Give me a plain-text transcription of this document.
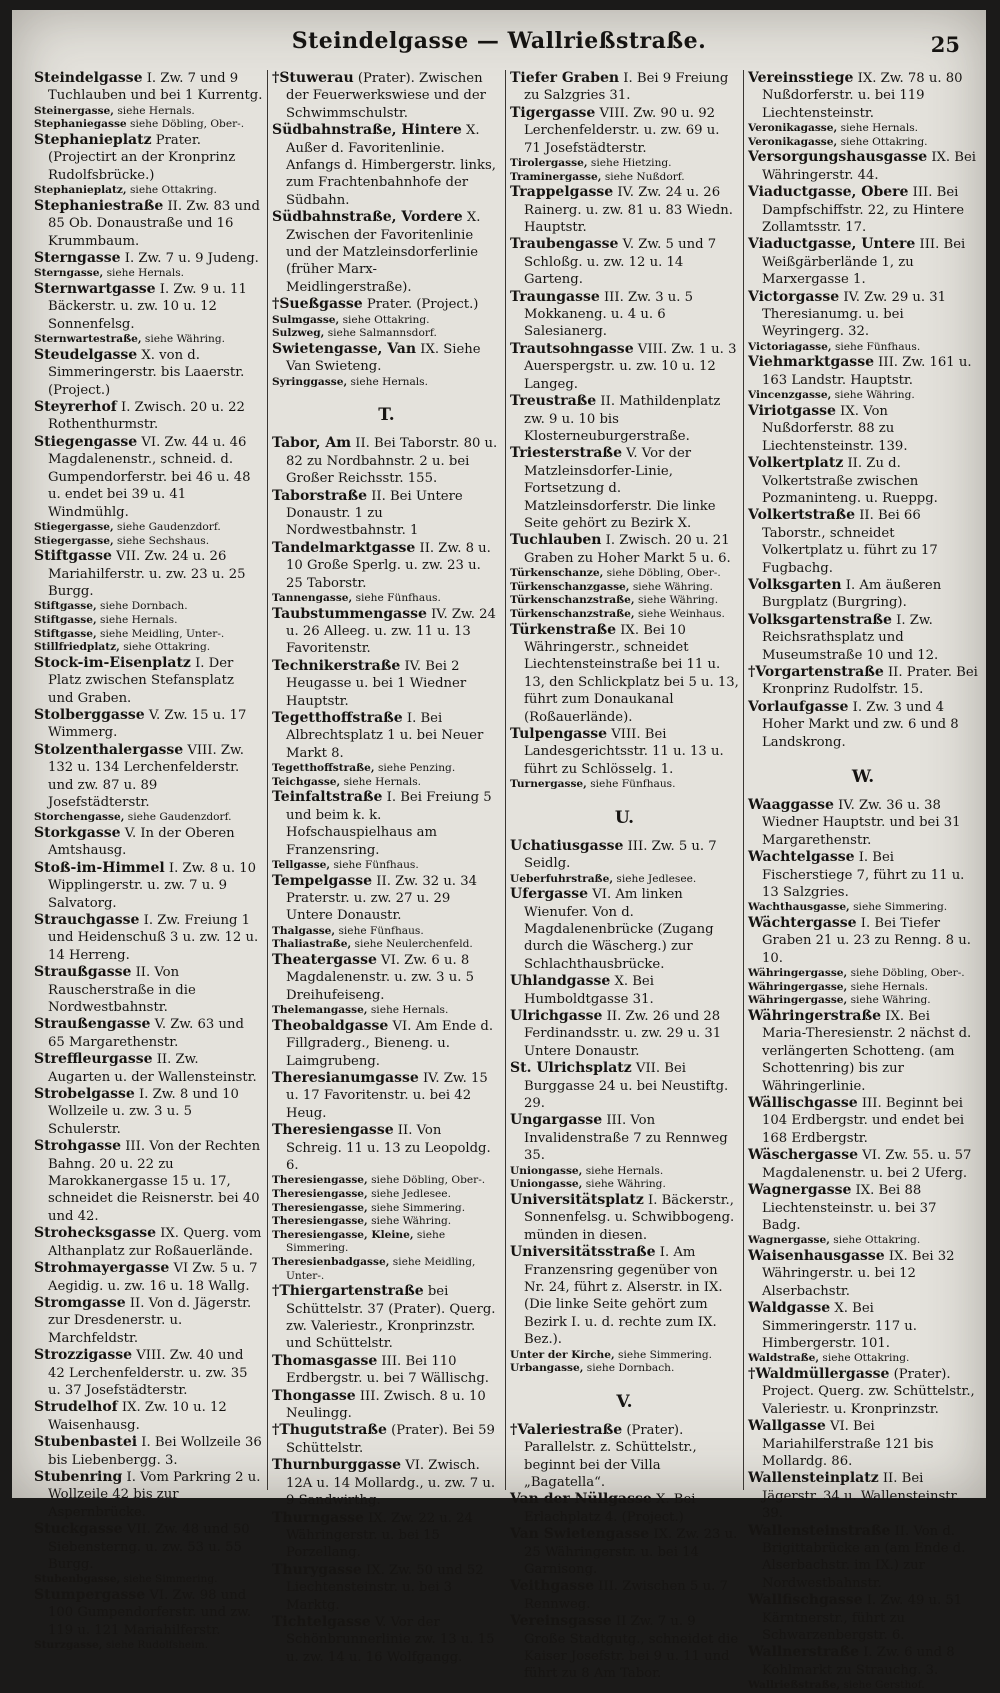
Steindelgasse — Wallrießstraße.	25

Steindelgasse I. Zw. 7 und 9 Tuchlauben und bei 1 Kurrentg.

Steinergasse, siehe Hernals.

Stephaniegasse siehe Döbling, Ober-.

Stephanieplatz Prater. (Projectirt an der Kronprinz Rudolfsbrücke.)

Stephanieplatz, siehe Ottakring.

Stephaniestraße II. Zw. 83 und 85 Ob. Donaustraße und 16 Krummbaum.

Sterngasse I. Zw. 7 u. 9 Judeng.

Sterngasse, siehe Hernals.

Sternwartgasse I. Zw. 9 u. 11 Bäckerstr. u. zw. 10 u. 12 Sonnenfelsg.

Sternwartestraße, siehe Währing.

Steudelgasse X. von d. Simmeringerstr. bis Laaerstr. (Project.)

Steyrerhof I. Zwisch. 20 u. 22 Rothenthurmstr.

Stiegengasse VI. Zw. 44 u. 46 Magdalenenstr., schneid. d. Gumpendorferstr. bei 46 u. 48 u. endet bei 39 u. 41 Windmühlg.

Stiegergasse, siehe Gaudenzdorf.

Stiegergasse, siehe Sechshaus.

Stiftgasse VII. Zw. 24 u. 26 Mariahilferstr. u. zw. 23 u. 25 Burgg.

Stiftgasse, siehe Dornbach.

Stiftgasse, siehe Hernals.

Stiftgasse, siehe Meidling, Unter-.

Stillfriedplatz, siehe Ottakring.

Stock-im-Eisenplatz I. Der Platz zwischen Stefansplatz und Graben.

Stolberggasse V. Zw. 15 u. 17 Wimmerg.

Stolzenthalergasse VIII. Zw. 132 u. 134 Lerchenfelderstr. und zw. 87 u. 89 Josefstädterstr.

Storchengasse, siehe Gaudenzdorf.

Storkgasse V. In der Oberen Amtshausg.

Stoß-im-Himmel I. Zw. 8 u. 10 Wipplingerstr. u. zw. 7 u. 9 Salvatorg.

Strauchgasse I. Zw. Freiung 1 und Heidenschuß 3 u. zw. 12 u. 14 Herreng.

Straußgasse II. Von Rauscherstraße in die Nordwestbahnstr.

Straußengasse V. Zw. 63 und 65 Margarethenstr.

Streffleurgasse II. Zw. Augarten u. der Wallensteinstr.

Strobelgasse I. Zw. 8 und 10 Wollzeile u. zw. 3 u. 5 Schulerstr.

Strohgasse III. Von der Rechten Bahng. 20 u. 22 zu Marokkanergasse 15 u. 17, schneidet die Reisnerstr. bei 40 und 42.

Strohecksgasse IX. Querg. vom Althanplatz zur Roßauerlände.

Strohmayergasse VI Zw. 5 u. 7 Aegidig. u. zw. 16 u. 18 Wallg.

Stromgasse II. Von d. Jägerstr. zur Dresdenerstr. u. Marchfeldstr.

Strozzigasse VIII. Zw. 40 und 42 Lerchenfelderstr. u. zw. 35 u. 37 Josefstädterstr.

Strudelhof IX. Zw. 10 u. 12 Waisenhausg.

Stubenbastei I. Bei Wollzeile 36 bis Liebenbergg. 3.

Stubenring I. Vom Parkring 2 u. Wollzeile 42 bis zur Aspernbrücke.

Stuckgasse VII. Zw. 48 und 50 Siebensterng. u. zw. 53 u. 55 Burgg.

Stubenbgasse, siehe Simmering.

Stumpergasse VI. Zw. 98 und 100 Gumpendorferstr. und zw. 119 u. 121 Mariahilferstr.

Sturzgasse, siehe Rudolfsheim.

†Stuwerau (Prater). Zwischen der Feuerwerkswiese und der Schwimmschulstr.

Südbahnstraße, Hintere X. Außer d. Favoritenlinie. Anfangs d. Himbergerstr. links, zum Frachtenbahnhofe der Südbahn.

Südbahnstraße, Vordere X. Zwischen der Favoritenlinie und der Matzleinsdorferlinie (früher Marx-Meidlingerstraße).

†Sueßgasse Prater. (Project.)

Sulmgasse, siehe Ottakring.

Sulzweg, siehe Salmannsdorf.

Swietengasse, Van IX. Siehe Van Swieteng.

Syringgasse, siehe Hernals.

T.

Tabor, Am II. Bei Taborstr. 80 u. 82 zu Nordbahnstr. 2 u. bei Großer Reichsstr. 155.

Taborstraße II. Bei Untere Donaustr. 1 zu Nordwestbahnstr. 1

Tandelmarktgasse II. Zw. 8 u. 10 Große Sperlg. u. zw. 23 u. 25 Taborstr.

Tannengasse, siehe Fünfhaus.

Taubstummengasse IV. Zw. 24 u. 26 Alleeg. u. zw. 11 u. 13 Favoritenstr.

Technikerstraße IV. Bei 2 Heugasse u. bei 1 Wiedner Hauptstr.

Tegetthoffstraße I. Bei Albrechtsplatz 1 u. bei Neuer Markt 8.

Tegetthoffstraße, siehe Penzing.

Teichgasse, siehe Hernals.

Teinfaltstraße I. Bei Freiung 5 und beim k. k. Hofschauspielhaus am Franzensring.

Tellgasse, siehe Fünfhaus.

Tempelgasse II. Zw. 32 u. 34 Praterstr. u. zw. 27 u. 29 Untere Donaustr.

Thalgasse, siehe Fünfhaus.

Thaliastraße, siehe Neulerchenfeld.

Theatergasse VI. Zw. 6 u. 8 Magdalenenstr. u. zw. 3 u. 5 Dreihufeiseng.

Thelemangasse, siehe Hernals.

Theobaldgasse VI. Am Ende d. Fillgraderg., Bieneng. u. Laimgrubeng.

Theresianumgasse IV. Zw. 15 u. 17 Favoritenstr. u. bei 42 Heug.

Theresiengasse II. Von Schreig. 11 u. 13 zu Leopoldg. 6.

Theresiengasse, siehe Döbling, Ober-.

Theresiengasse, siehe Jedlesee.

Theresiengasse, siehe Simmering.

Theresiengasse, siehe Währing.

Theresiengasse, Kleine, siehe Simmering.

Theresienbadgasse, siehe Meidling, Unter-.

†Thiergartenstraße bei Schüttelstr. 37 (Prater). Querg. zw. Valeriestr., Kronprinzstr. und Schüttelstr.

Thomasgasse III. Bei 110 Erdbergstr. u. bei 7 Wällischg.

Thongasse III. Zwisch. 8 u. 10 Neulingg.

†Thugutstraße (Prater). Bei 59 Schüttelstr.

Thurnburggasse VI. Zwisch. 12A u. 14 Mollardg., u. zw. 7 u. 9 Sandwirthg.

Thurngasse IX. Zw. 22 u. 24 Währingerstr. u. bei 15 Porzellang.

Thurygasse IX. Zw. 50 und 52 Liechtensteinstr. u. bei 3 Marktg.

Tichtelgasse V. Vor der Schönbrunnerlinie zw. 13 u. 15 u. zw. 14 u. 16 Wolfgangg.

Tiefer Graben I. Bei 9 Freiung zu Salzgries 31.

Tigergasse VIII. Zw. 90 u. 92 Lerchenfelderstr. u. zw. 69 u. 71 Josefstädterstr.

Tirolergasse, siehe Hietzing.

Traminergasse, siehe Nußdorf.

Trappelgasse IV. Zw. 24 u. 26 Rainerg. u. zw. 81 u. 83 Wiedn. Hauptstr.

Traubengasse V. Zw. 5 und 7 Schloßg. u. zw. 12 u. 14 Garteng.

Traungasse III. Zw. 3 u. 5 Mokkaneng. u. 4 u. 6 Salesianerg.

Trautsohngasse VIII. Zw. 1 u. 3 Auerspergstr. u. zw. 10 u. 12 Langeg.

Treustraße II. Mathildenplatz zw. 9 u. 10 bis Klosterneuburgerstraße.

Triesterstraße V. Vor der Matzleinsdorfer-Linie, Fortsetzung d. Matzleinsdorferstr. Die linke Seite gehört zu Bezirk X.

Tuchlauben I. Zwisch. 20 u. 21 Graben zu Hoher Markt 5 u. 6.

Türkenschanze, siehe Döbling, Ober-.

Türkenschanzgasse, siehe Währing.

Türkenschanzstraße, siehe Währing.

Türkenschanzstraße, siehe Weinhaus.

Türkenstraße IX. Bei 10 Währingerstr., schneidet Liechtensteinstraße bei 11 u. 13, den Schlickplatz bei 5 u. 13, führt zum Donaukanal (Roßauerlände).

Tulpengasse VIII. Bei Landesgerichtsstr. 11 u. 13 u. führt zu Schlösselg. 1.

Turnergasse, siehe Fünfhaus.

U.

Uchatiusgasse III. Zw. 5 u. 7 Seidlg.

Ueberfuhrstraße, siehe Jedlesee.

Ufergasse VI. Am linken Wienufer. Von d. Magdalenenbrücke (Zugang durch die Wäscherg.) zur Schlachthausbrücke.

Uhlandgasse X. Bei Humboldtgasse 31.

Ulrichgasse II. Zw. 26 und 28 Ferdinandsstr. u. zw. 29 u. 31 Untere Donaustr.

St. Ulrichsplatz VII. Bei Burggasse 24 u. bei Neustiftg. 29.

Ungargasse III. Von Invalidenstraße 7 zu Rennweg 35.

Uniongasse, siehe Hernals.

Uniongasse, siehe Währing.

Universitätsplatz I. Bäckerstr., Sonnenfelsg. u. Schwibbogeng. münden in diesen.

Universitätsstraße I. Am Franzensring gegenüber von Nr. 24, führt z. Alserstr. in IX. (Die linke Seite gehört zum Bezirk I. u. d. rechte zum IX. Bez.).

Unter der Kirche, siehe Simmering.

Urbangasse, siehe Dornbach.

V.

†Valeriestraße (Prater). Parallelstr. z. Schüttelstr., beginnt bei der Villa „Bagatella“.

Van der Nüllgasse X. Bei Erlachplatz 4. (Project.)

Van Swietengasse IX. Zw. 23 u. 25 Währingerstr. u. bei 14 Garnisong.

Veithgasse III. Zwischen 5 u. 7 Rennweg.

Vereinsgasse II Zw. 7 u. 9 Große Stadtgutg., schneidet die Kaiser Josefstr. bei 9 u. 11 und führt zu 8 Am Tabor.

Vereinsstiege IX. Zw. 78 u. 80 Nußdorferstr. u. bei 119 Liechtensteinstr.

Veronikagasse, siehe Hernals.

Veronikagasse, siehe Ottakring.

Versorgungshausgasse IX. Bei Währingerstr. 44.

Viaductgasse, Obere III. Bei Dampfschiffstr. 22, zu Hintere Zollamtsstr. 17.

Viaductgasse, Untere III. Bei Weißgärberlände 1, zu Marxergasse 1.

Victorgasse IV. Zw. 29 u. 31 Theresianumg. u. bei Weyringerg. 32.

Victoriagasse, siehe Fünfhaus.

Viehmarktgasse III. Zw. 161 u. 163 Landstr. Hauptstr.

Vincenzgasse, siehe Währing.

Viriotgasse IX. Von Nußdorferstr. 88 zu Liechtensteinstr. 139.

Volkertplatz II. Zu d. Volkertstraße zwischen Pozmaninteng. u. Rueppg.

Volkertstraße II. Bei 66 Taborstr., schneidet Volkertplatz u. führt zu 17 Fugbachg.

Volksgarten I. Am äußeren Burgplatz (Burgring).

Volksgartenstraße I. Zw. Reichsrathsplatz und Museumstraße 10 und 12.

†Vorgartenstraße II. Prater. Bei Kronprinz Rudolfstr. 15.

Vorlaufgasse I. Zw. 3 und 4 Hoher Markt und zw. 6 und 8 Landskrong.

W.

Waaggasse IV. Zw. 36 u. 38 Wiedner Hauptstr. und bei 31 Margarethenstr.

Wachtelgasse I. Bei Fischerstiege 7, führt zu 11 u. 13 Salzgries.

Wachthausgasse, siehe Simmering.

Wächtergasse I. Bei Tiefer Graben 21 u. 23 zu Renng. 8 u. 10.

Währingergasse, siehe Döbling, Ober-.

Währingergasse, siehe Hernals.

Währingergasse, siehe Währing.

Währingerstraße IX. Bei Maria-Theresienstr. 2 nächst d. verlängerten Schotteng. (am Schottenring) bis zur Währingerlinie.

Wällischgasse III. Beginnt bei 104 Erdbergstr. und endet bei 168 Erdbergstr.

Wäschergasse VI. Zw. 55. u. 57 Magdalenenstr. u. bei 2 Uferg.

Wagnergasse IX. Bei 88 Liechtensteinstr. u. bei 37 Badg.

Wagnergasse, siehe Ottakring.

Waisenhausgasse IX. Bei 32 Währingerstr. u. bei 12 Alserbachstr.

Waldgasse X. Bei Simmeringerstr. 117 u. Himbergerstr. 101.

Waldstraße, siehe Ottakring.

†Waldmüllergasse (Prater). Project. Querg. zw. Schüttelstr., Valeriestr. u. Kronprinzstr.

Wallgasse VI. Bei Mariahilferstraße 121 bis Mollardg. 86.

Wallensteinplatz II. Bei Jägerstr. 34 u. Wallensteinstr. 39.

Wallensteinstraße II. Von d. Brigittabrücke an (am Ende d. Alserbachstr. im IX.) zur Nordwestbahnstr.

Wallfischgasse I. Zw. 49 u. 51 Kärntnerstr., führt zu Schwarzenbergstr. 6.

Wallnerstraße I. Zw. 6 und 8 Kohlmarkt zu Strauchg. 3.

Wallrießstraße, siehe Gersthof.
